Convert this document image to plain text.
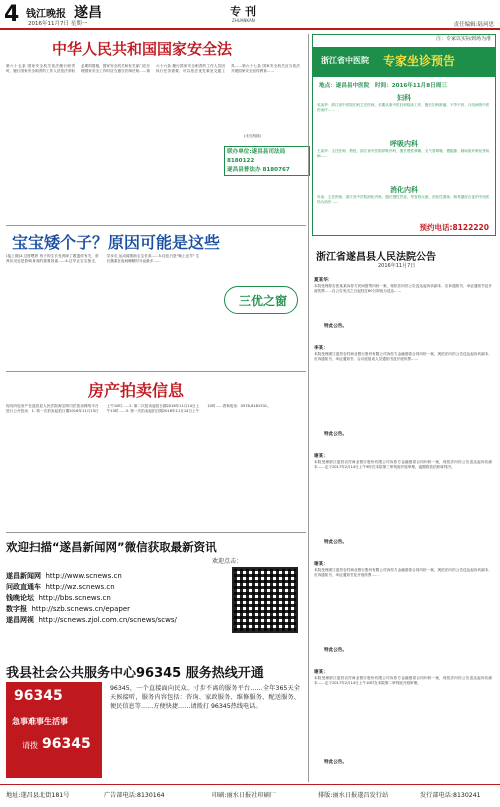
4 钱江晚报 遂昌
2016年11月7日 星期一
专刊
ZHUANKAN
责任编辑:陆珂思
中华人民共和国国家安全法
第六十五条 国家安全机关依法履行职责时，履行国家安全职责的工作人员依法采取必要的措施，国家安全机关和有关部门在办理国家安全工作时应当遵守法律法规……第六十六条 履行国家安全职责的工作人员因执行任务需要，可以依法优先乘坐交通工具……第六十七条 国家安全机关应当依法开展国家安全宣传教育……
(未完待续)
联办单位:遂昌县司法局 8180122
遂昌县普法办 8180767
宝宝矮个子？原因可能是这些
(接上期)3.过度喂养 孩子的生长发育除了跟遗传有关，营养状况也是影响身高的重要因素……4.过早让宝宝独走、学步走 运动能帮助宝宝长高……5.佳佳只是"晚上还早" 生长激素在夜间睡眠时分泌最多……
三优之窗
房产拍卖信息
现有四处房产在遂昌县人民法院淘宝网司法拍卖网络平台进行公开拍卖：1. 第一次拍卖起拍日期2016年11月15日上午10时……2. 第二次拍卖起拍日期2016年11月14日上午10时……3. 第一次拍卖起拍日期2016年11月14日上午10时……咨询电话：0578-8181531。
欢迎扫描“遂昌新闻网”微信获取最新资讯
欢迎点击：
遂昌新闻网 http://www.scnews.cn
问政直通车 http://wz.scnews.cn
钱晚论坛 http://bbs.scnews.cn
数字报 http://szb.scnews.cn/epaper
遂昌网视 http://scnews.zjol.com.cn/scnews/scws/
我县社会公共服务中心96345 服务热线开通
96345
急事难事生活事
请拨 96345
96345，一个直接面向民众、寸步不离的服务平台……全年365天全天候接听，服务内容包括：咨询、家政服务、维修服务、配送服务、便民信息等……方便快捷……请拨打 96345热线电话。
注：专家以实际到场为准
浙江省中医院 专家坐诊预告
地点：遂昌县中医院　时间：2016年11月8日周三
妇科
吴某华：浙江省中医院妇科主任医师，长期从事中医妇科临床工作，擅长妇科肿瘤、不孕不育、月经病的中医药治疗……
呼吸内科
王某华：主任医师，教授，浙江省中医院呼吸内科，擅长慢性咳嗽、支气管哮喘、慢阻肺、肺间质纤维化等疾病……
消化内科
叶某：主任医师，浙江省中医院消化内科，擅长慢性胃炎、胃食管反流、消化性溃疡、肠易激综合征的中西医结合治疗……
预约电话:8122220
浙江省遂昌县人民法院公告
2016年11月7日
夏某华：
本院受理原告张某某诉你方民间借贷纠纷一案，现依法向你公告送达起诉状副本、应诉通知书、举证通知书及开庭传票……自公告发出之日起经过60日即视为送达……
特此公告。
李某：
本院受理浙江遂昌农村商业银行股份有限公司诉你方金融借款合同纠纷一案，现依法向你公告送达起诉状副本、应诉通知书、举证通知书、合议庭组成人员通知书及开庭传票……
特此公告。
谢某：
本院受理浙江遂昌农村商业银行股份有限公司诉你方金融借款合同纠纷一案，现依法向你公告送达起诉状副本……定于2017年2月14日上午9时在本院第三审判庭开庭审理，逾期将依法缺席判决。
特此公告。
谢某：
本院受理浙江遂昌农村商业银行股份有限公司诉你方金融借款合同纠纷一案，现依法向你公告送达起诉状副本、应诉通知书、举证通知书及开庭传票……
特此公告。
谢某：
本院受理浙江遂昌农村商业银行股份有限公司诉你方金融借款合同纠纷一案，现依法向你公告送达起诉状副本……定于2017年2月14日上午10时在本院第二审判庭开庭审理。
特此公告。
地址:遂昌县北街181号	广告部电话:8130164	印刷:丽水日报社印刷厂	排版:丽水日报遂昌发行站	发行部电话:8130241
